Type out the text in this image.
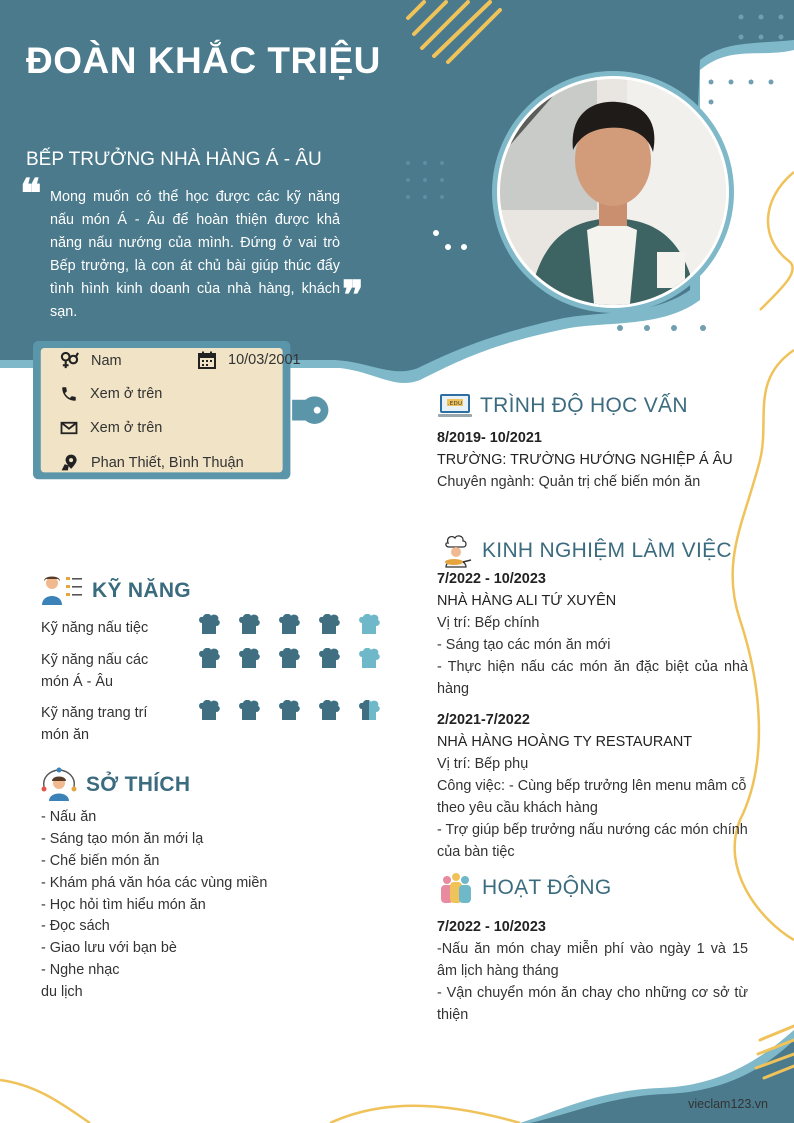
ĐOÀN KHẮC TRIỆU
BẾP TRƯỞNG NHÀ HÀNG Á - ÂU
❝ Mong muốn có thể học được các kỹ năng nấu món Á - Âu để hoàn thiện được khả năng nấu nướng của mình. Đứng ở vai trò Bếp trưởng, là con át chủ bài giúp thúc đẩy tình hình kinh doanh của nhà hàng, khách sạn.	❞
Nam	10/03/2001
Xem ở trên
Xem ở trên
Phan Thiết, Bình Thuận
KỸ NĂNG
Kỹ năng nấu tiệc
Kỹ năng nấu các món Á - Âu
Kỹ năng trang trí món ăn
SỞ THÍCH
- Nấu ăn
- Sáng tạo món ăn mới lạ
- Chế biến món ăn
- Khám phá văn hóa các vùng miền
- Học hỏi tìm hiểu món ăn
- Đọc sách
- Giao lưu với bạn bè
- Nghe nhạc
du lịch
.EDU TRÌNH ĐỘ HỌC VẤN
8/2019- 10/2021
TRƯỜNG: TRƯỜNG HƯỚNG NGHIỆP Á ÂU
Chuyên ngành: Quản trị chế biến món ăn
KINH NGHIỆM LÀM VIỆC
7/2022 - 10/2023
NHÀ HÀNG ALI TỨ XUYÊN
Vị trí: Bếp chính
- Sáng tạo các món ăn mới
- Thực hiện nấu các món ăn đặc biệt của nhà hàng
2/2021-7/2022
NHÀ HÀNG HOÀNG TY RESTAURANT
Vị trí: Bếp phụ
Công việc: - Cùng bếp trưởng lên menu mâm cỗ theo yêu cầu khách hàng
- Trợ giúp bếp trưởng nấu nướng các món chính của bàn tiệc
HOẠT ĐỘNG
7/2022 - 10/2023
-Nấu ăn món chay miễn phí vào ngày 1 và 15 âm lịch hàng tháng
- Vận chuyển món ăn chay cho những cơ sở từ thiện
vieclam123.vn
